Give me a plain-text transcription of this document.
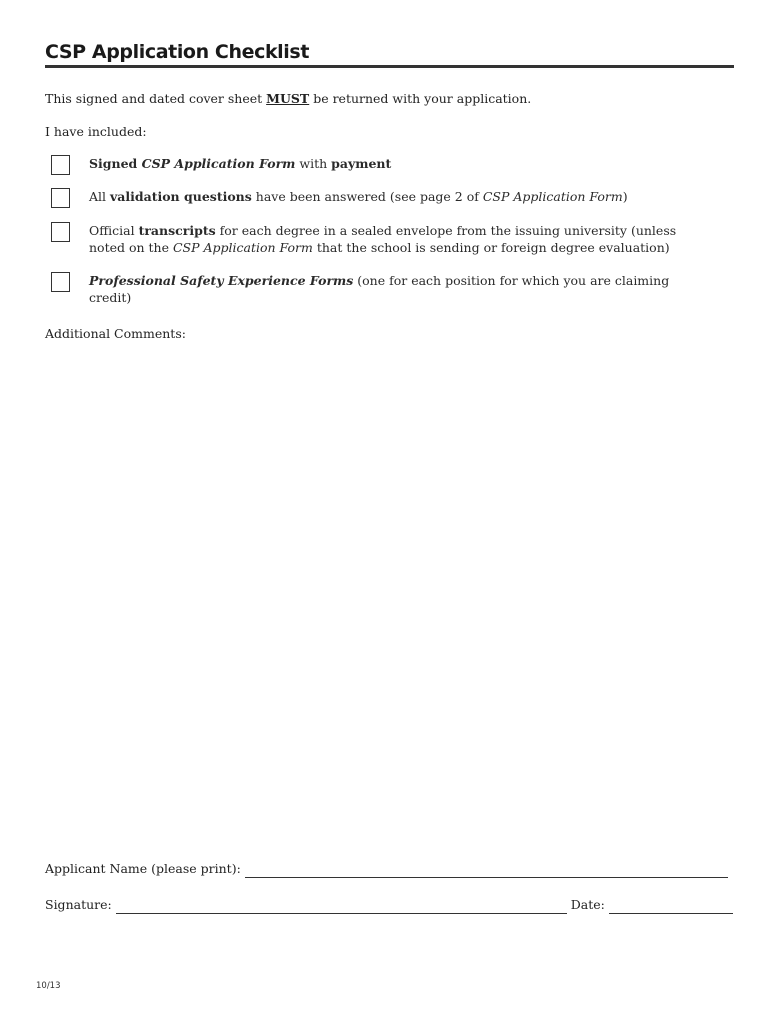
CSP Application Checklist
This signed and dated cover sheet MUST be returned with your application.
I have included:
Signed CSP Application Form with payment
All validation questions have been answered (see page 2 of CSP Application Form)
Official transcripts for each degree in a sealed envelope from the issuing university (unless noted on the CSP Application Form that the school is sending or foreign degree evaluation)
Professional Safety Experience Forms (one for each position for which you are claiming credit)
Additional Comments:
Applicant Name (please print):
Signature:	Date:
10/13
